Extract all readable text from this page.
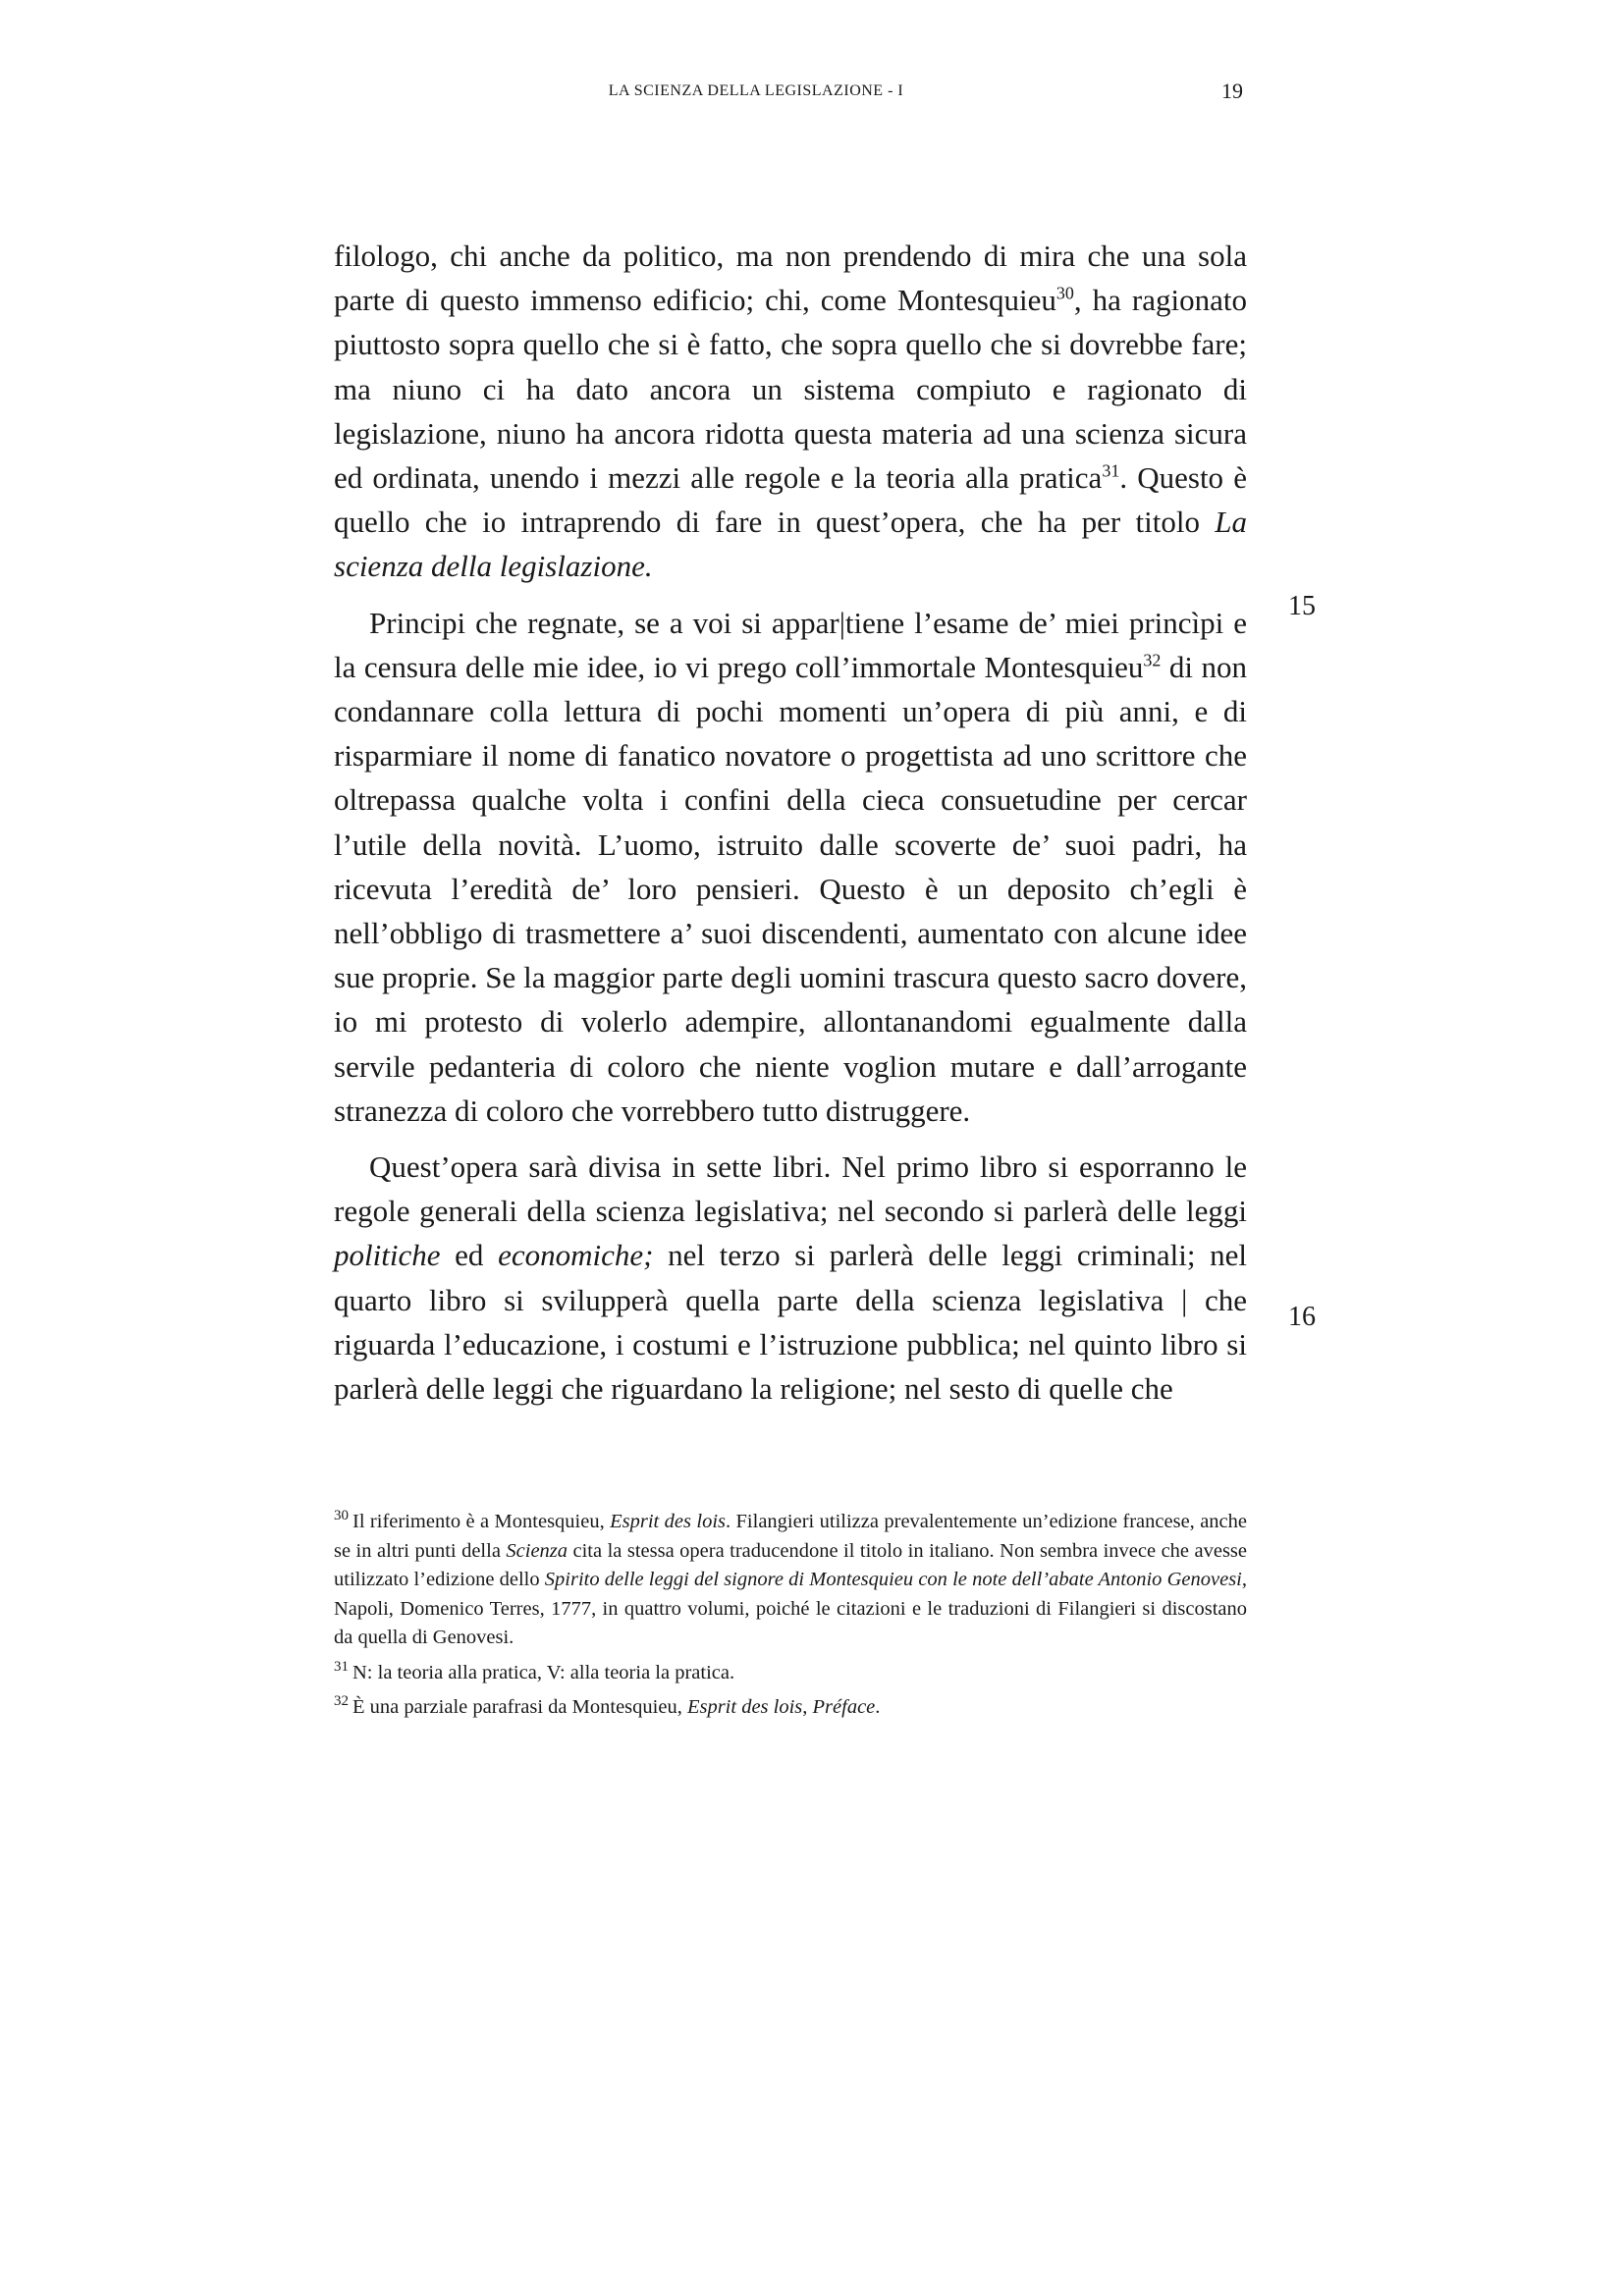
LA SCIENZA DELLA LEGISLAZIONE - I	19

filologo, chi anche da politico, ma non prendendo di mira che una sola parte di questo immenso edificio; chi, come Montesquieu$^{30}$, ha ragionato piuttosto sopra quello che si è fatto, che sopra quello che si dovrebbe fare; ma niuno ci ha dato ancora un sistema compiuto e ragionato di legislazione, niuno ha ancora ridotta questa materia ad una scienza sicura ed ordinata, unendo i mezzi alle regole e la teoria alla pratica$^{31}$. Questo è quello che io intraprendo di fare in quest’opera, che ha per titolo La scienza della legislazione.

Principi che regnate, se a voi si appar|tiene l’esame de’ miei princìpi e la censura delle mie idee, io vi prego coll’immortale Montesquieu$^{32}$ di non condannare colla lettura di pochi momenti un’opera di più anni, e di risparmiare il nome di fanatico novatore o progettista ad uno scrittore che oltrepassa qualche volta i confini della cieca consuetudine per cercar l’utile della novità. L’uomo, istruito dalle scoverte de’ suoi padri, ha ricevuta l’eredità de’ loro pensieri. Questo è un deposito ch’egli è nell’obbligo di trasmettere a’ suoi discendenti, aumentato con alcune idee sue proprie. Se la maggior parte degli uomini trascura questo sacro dovere, io mi protesto di volerlo adempire, allontanandomi egualmente dalla servile pedanteria di coloro che niente voglion mutare e dall’arrogante stranezza di coloro che vorrebbero tutto distruggere.

Quest’opera sarà divisa in sette libri. Nel primo libro si esporranno le regole generali della scienza legislativa; nel secondo si parlerà delle leggi politiche ed economiche; nel terzo si parlerà delle leggi criminali; nel quarto libro si svilupperà quella parte della scienza legislativa | che riguarda l’educazione, i costumi e l’istruzione pubblica; nel quinto libro si parlerà delle leggi che riguardano la religione; nel sesto di quelle che

15
16

$^{30}$ Il riferimento è a Montesquieu, Esprit des lois. Filangieri utilizza prevalentemente un’edizione francese, anche se in altri punti della Scienza cita la stessa opera traducendone il titolo in italiano. Non sembra invece che avesse utilizzato l’edizione dello Spirito delle leggi del signore di Montesquieu con le note dell’abate Antonio Genovesi, Napoli, Domenico Terres, 1777, in quattro volumi, poiché le citazioni e le traduzioni di Filangieri si discostano da quella di Genovesi.

$^{31}$ N: la teoria alla pratica, V: alla teoria la pratica.

$^{32}$ È una parziale parafrasi da Montesquieu, Esprit des lois, Préface.
